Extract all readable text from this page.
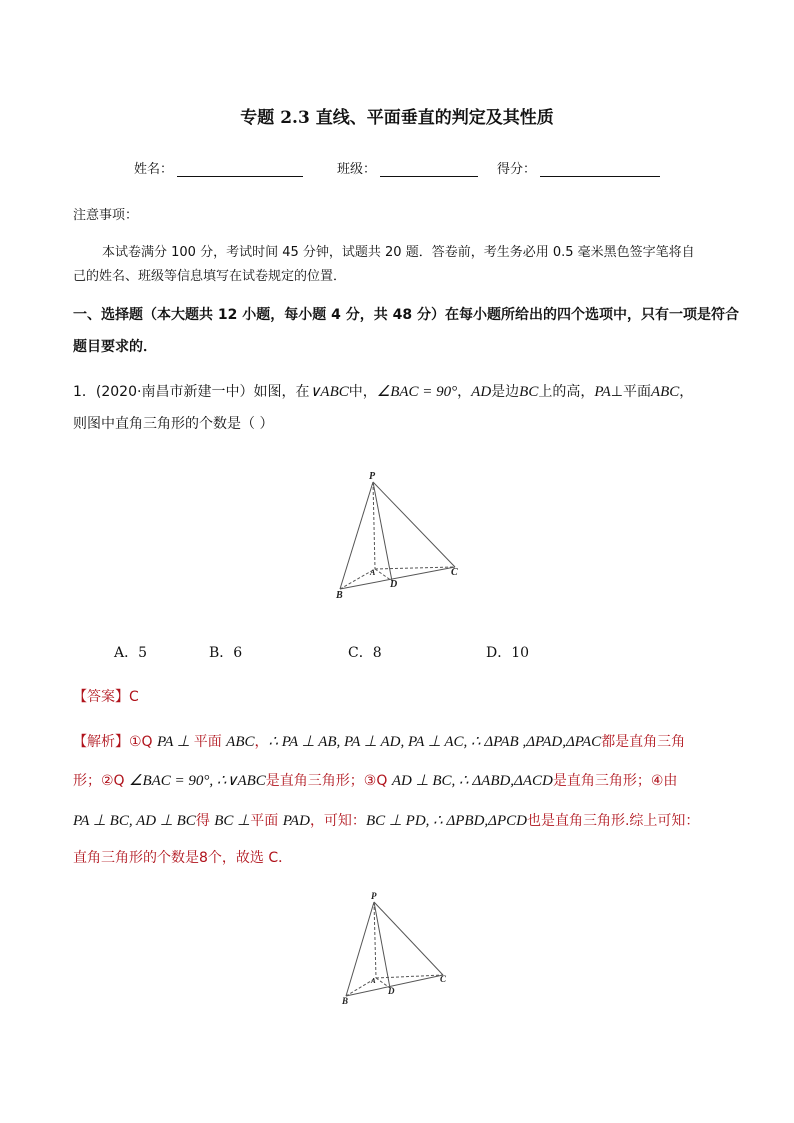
专题 2.3 直线、平面垂直的判定及其性质
姓名：	班级：	得分：
注意事项：
本试卷满分 100 分，考试时间 45 分钟，试题共 20 题．答卷前，考生务必用 0.5 毫米黑色签字笔将自
己的姓名、班级等信息填写在试卷规定的位置．
一、选择题（本大题共 12 小题，每小题 4 分，共 48 分）在每小题所给出的四个选项中，只有一项是符合
题目要求的．
1．(2020·南昌市新建一中）如图，在∨ABC中，∠BAC = 90°，AD是边BC上的高，PA⊥平面ABC，
则图中直角三角形的个数是（ ）
P
A
B
C
D
A．5	B．6	C．8	D．10
【答案】C
【解析】①Q PA ⊥ 平面 ABC，∴ PA ⊥ AB, PA ⊥ AD, PA ⊥ AC, ∴ ΔPAB ,ΔPAD,ΔPAC都是直角三角
形；②Q ∠BAC = 90°, ∴∨ABC是直角三角形；③Q AD ⊥ BC, ∴ ΔABD,ΔACD是直角三角形；④由
PA ⊥ BC, AD ⊥ BC得 BC ⊥平面 PAD，可知：BC ⊥ PD, ∴ ΔPBD,ΔPCD也是直角三角形.综上可知：
直角三角形的个数是8个，故选 C．
P
A
B
C
D
